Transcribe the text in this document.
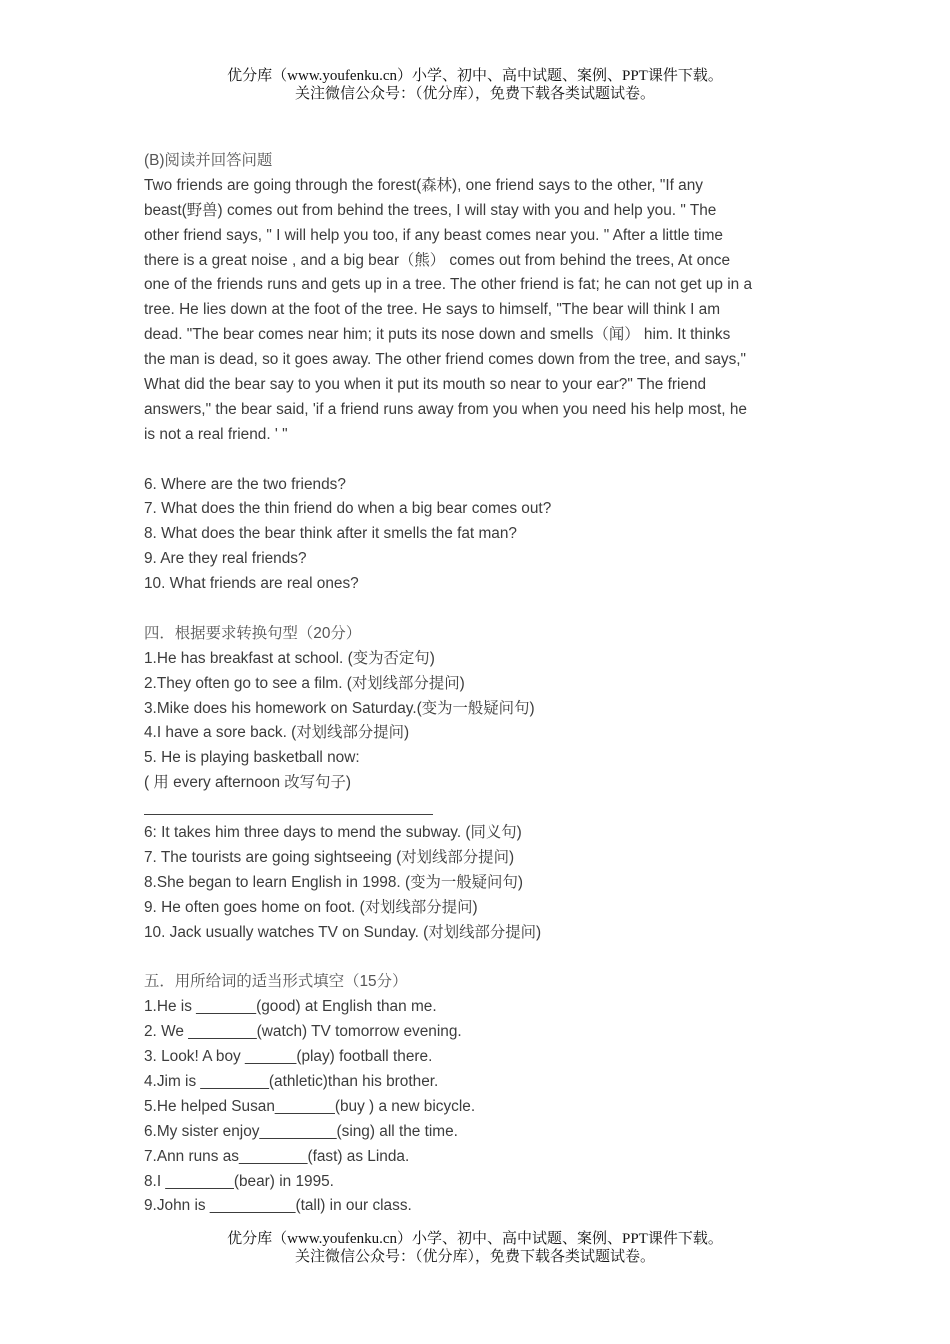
优分库（www.youfenku.cn）小学、初中、高中试题、案例、PPT课件下载。
关注微信公众号：（优分库），免费下载各类试题试卷。
(B)阅读并回答问题
Two friends are going through the forest(森林), one friend says to the other, "If any
beast(野兽) comes out from behind the trees, I will stay with you and help you. " The
other friend says, " I will help you too, if any beast comes near you. " After a little time
there is a great noise , and a big bear（熊） comes out from behind the trees, At once
one of the friends runs and gets up in a tree. The other friend is fat; he can not get up in a
tree. He lies down at the foot of the tree. He says to himself, "The bear will think I am
dead. "The bear comes near him; it puts its nose down and smells（闻） him. It thinks
the man is dead, so it goes away. The other friend comes down from the tree, and says,"
What did the bear say to you when it put its mouth so near to your ear?" The friend
answers," the bear said, 'if a friend runs away from you when you need his help most, he
is not a real friend. ' "
6. Where are the two friends?
7. What does the thin friend do when a big bear comes out?
8. What does the bear think after it smells the fat man?
9. Are they real friends?
10. What friends are real ones?
四．根据要求转换句型（20分）
1.He has breakfast at school. (变为否定句)
2.They often go to see a film. (对划线部分提问)
3.Mike does his homework on Saturday.(变为一般疑问句)
4.I have a sore back. (对划线部分提问)
5. He is playing basketball now:
( 用 every afternoon 改写句子)
6: It takes him three days to mend the subway. (同义句)
7. The tourists are going sightseeing (对划线部分提问)
8.She began to learn English in 1998. (变为一般疑问句)
9. He often goes home on foot. (对划线部分提问)
10. Jack usually watches TV on Sunday. (对划线部分提问)
五．用所给词的适当形式填空（15分）
1.He is _______(good) at English than me.
2. We ________(watch) TV tomorrow evening.
3. Look! A boy ______(play) football there.
4.Jim is ________(athletic)than his brother.
5.He helped Susan_______(buy ) a new bicycle.
6.My sister enjoy_________(sing) all the time.
7.Ann runs as________(fast) as Linda.
8.I ________(bear) in 1995.
9.John is __________(tall) in our class.
优分库（www.youfenku.cn）小学、初中、高中试题、案例、PPT课件下载。
关注微信公众号：（优分库），免费下载各类试题试卷。
